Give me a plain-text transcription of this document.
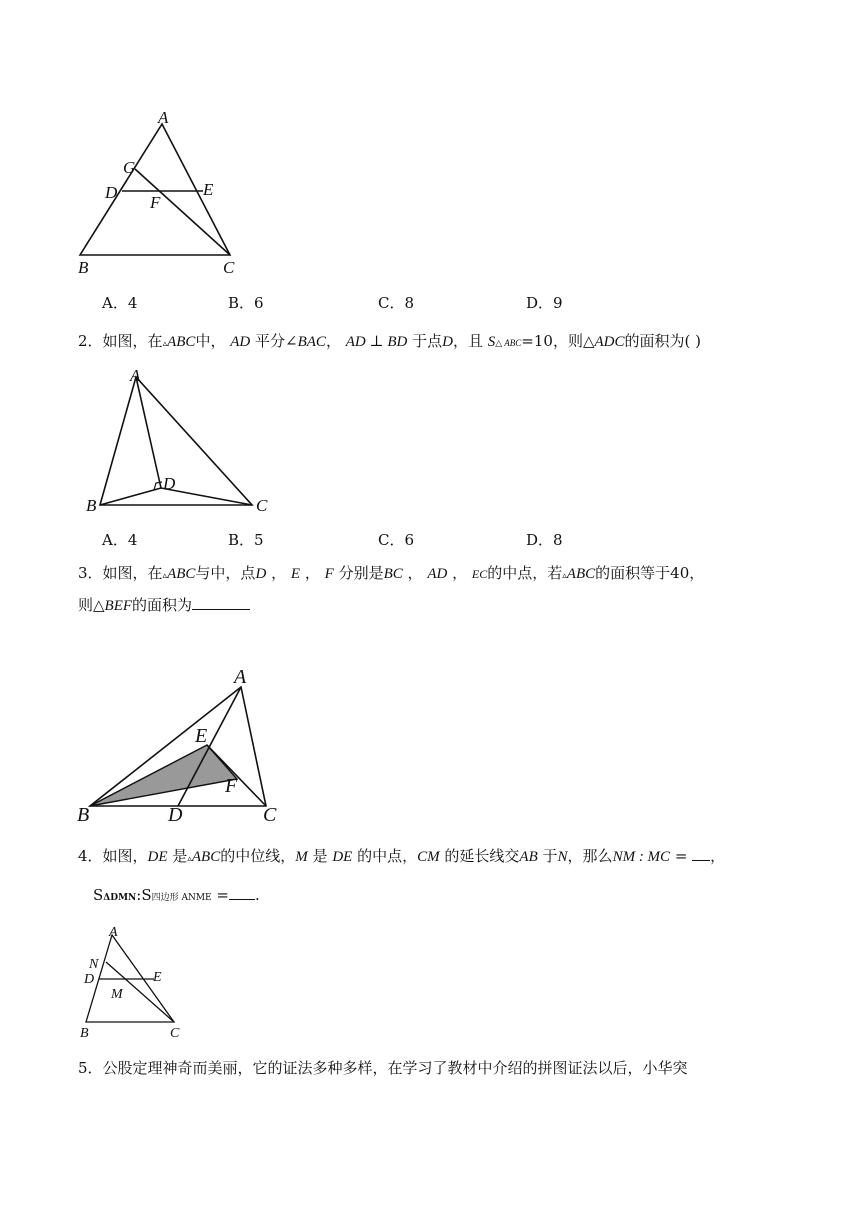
A
G
D	E
F
B	C
A．4	B．6	C．8	D．9
2．如图，在▵ABC中， AD 平分∠BAC， AD ⊥ BD 于点D，且 S△ ABC=10，则△ADC的面积为( )
A
D
B	C
A．4	B．5	C．6	D．8
3．如图，在▵ABC与中，点D ， E ， F 分别是BC ， AD ， EC的中点，若▵ABC的面积等于40，
则△BEF的面积为
A
E
F
B	D	C
4．如图，DE 是▵ABC的中位线，M 是 DE 的中点，CM 的延长线交AB 于N，那么NM : MC = ，
SΔDMN:S四边形 ANME = .
A
N
D	E
M
B	C
5．公股定理神奇而美丽，它的证法多种多样，在学习了教材中介绍的拼图证法以后，小华突
